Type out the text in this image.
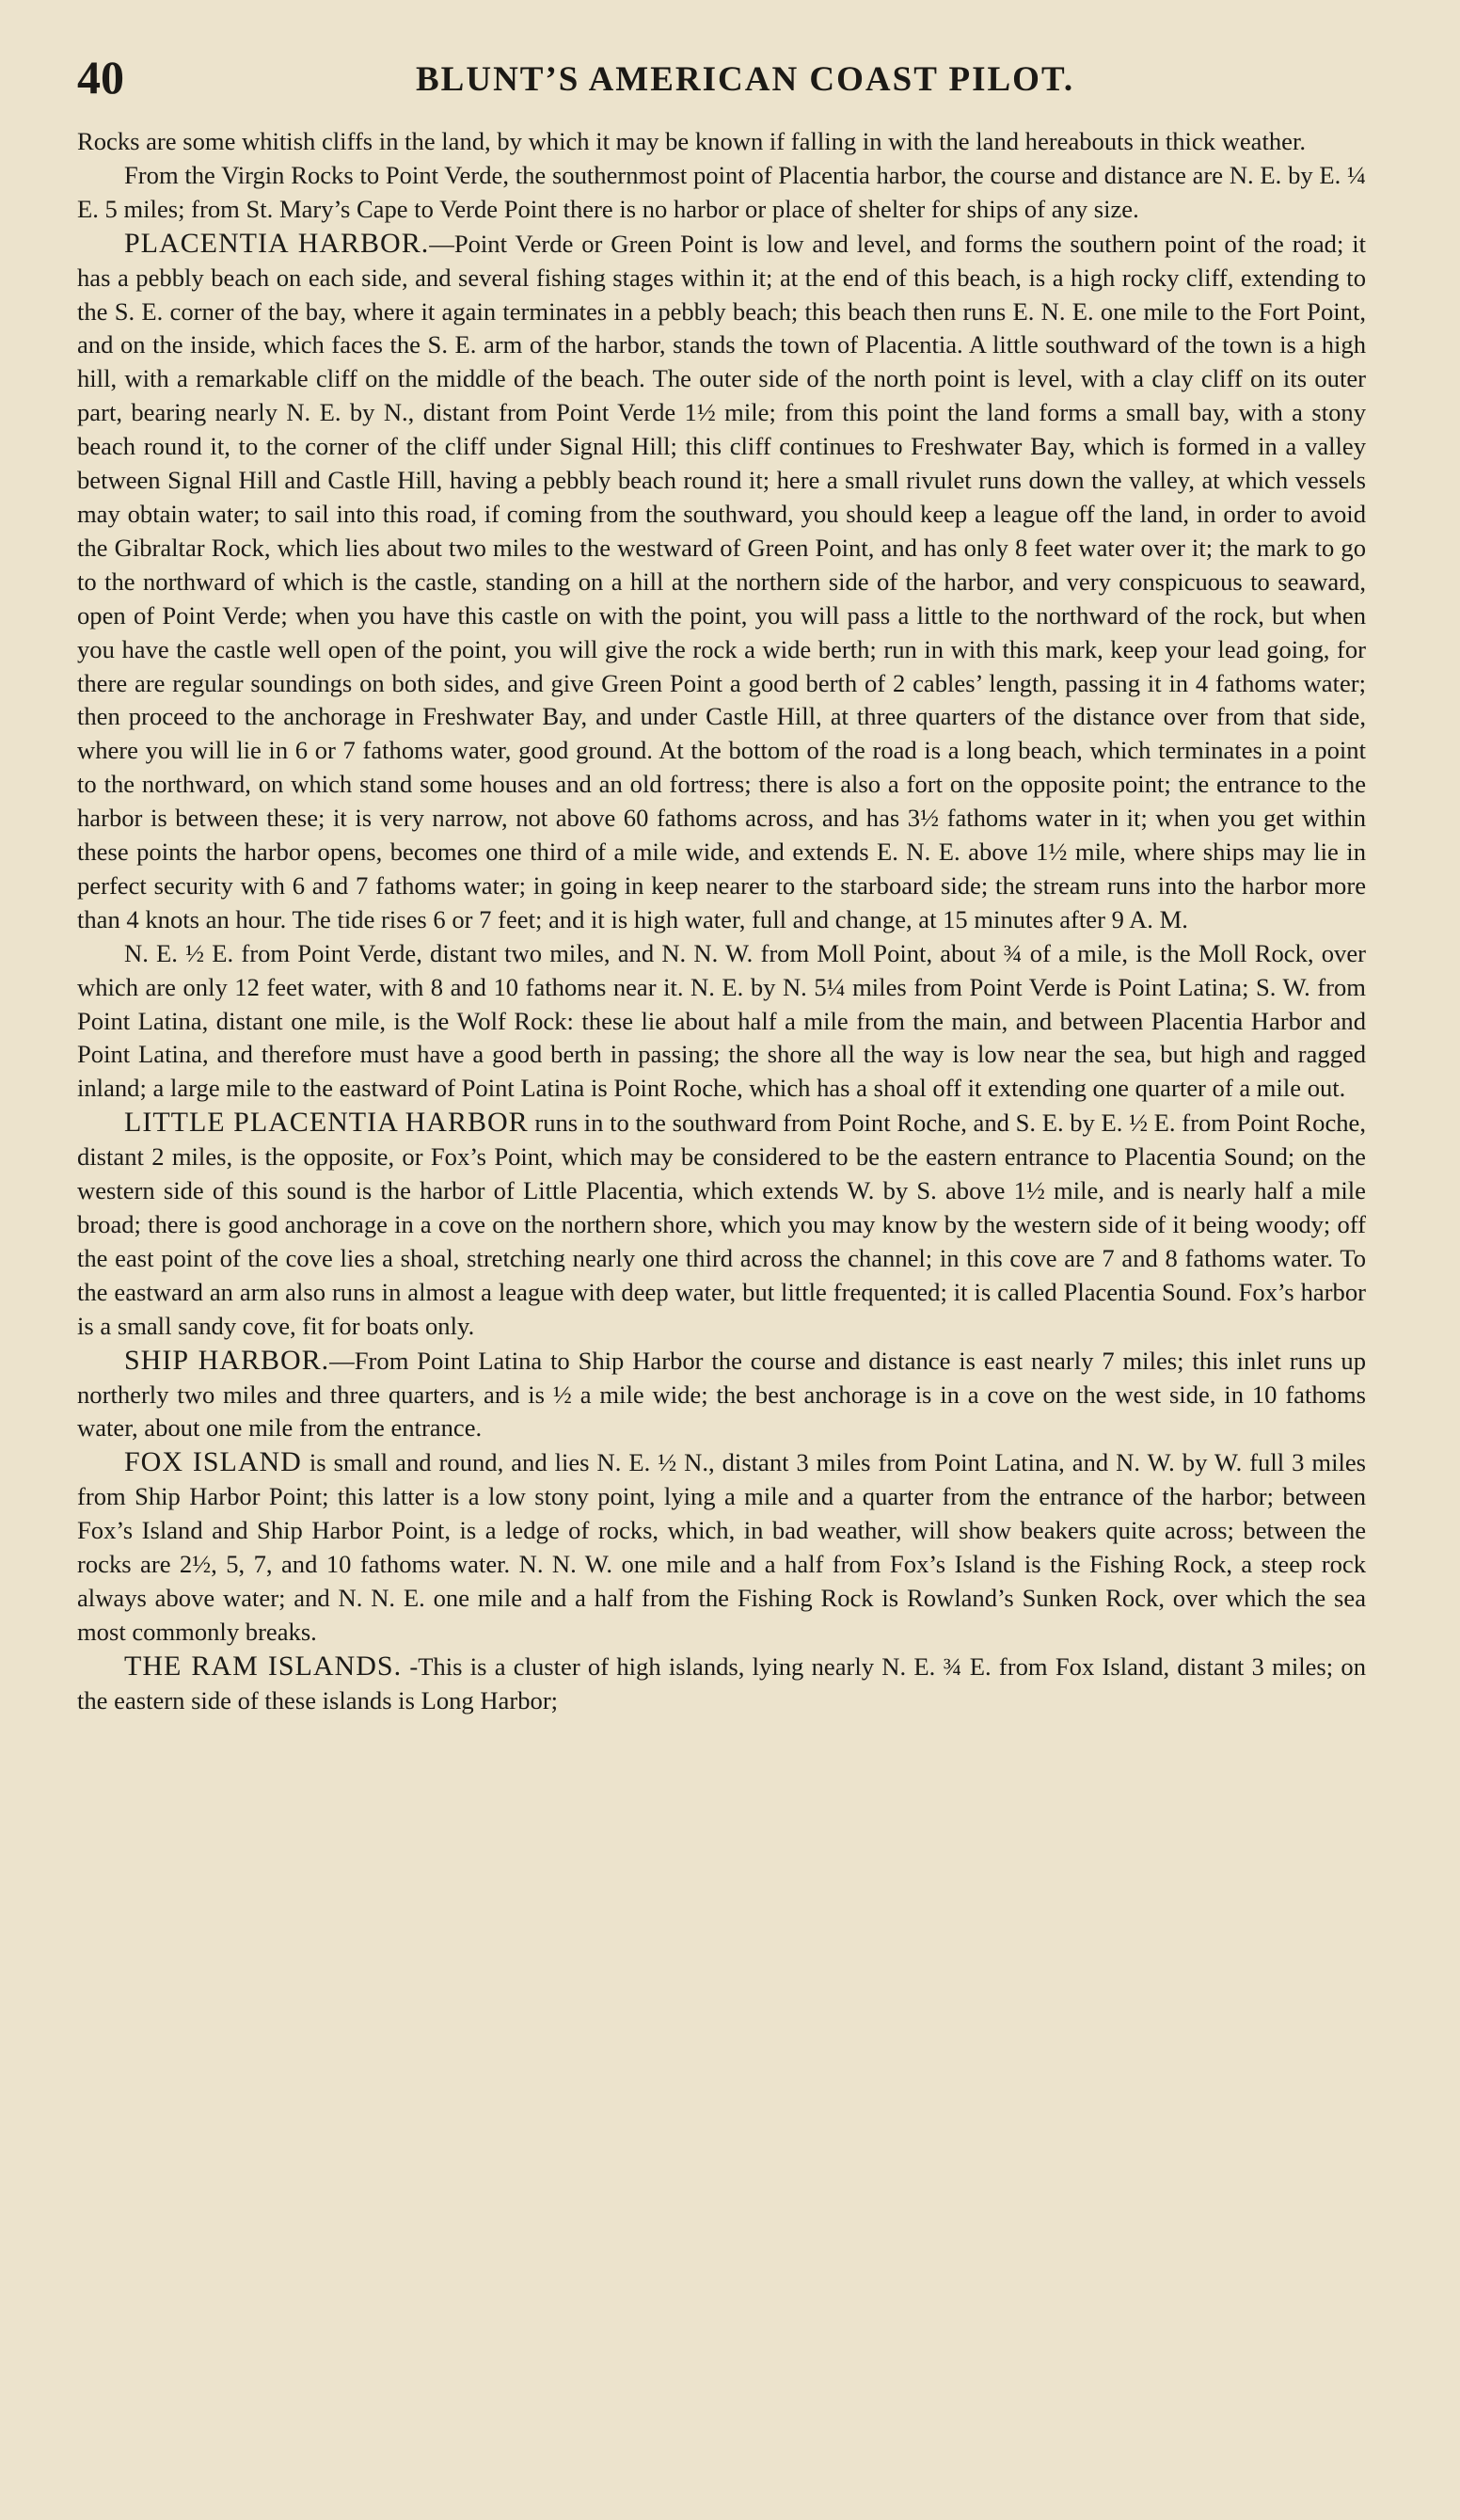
40	BLUNT’S AMERICAN COAST PILOT.

Rocks are some whitish cliffs in the land, by which it may be known if falling in with the land hereabouts in thick weather.

From the Virgin Rocks to Point Verde, the southernmost point of Placentia harbor, the course and distance are N. E. by E. ¼ E. 5 miles; from St. Mary’s Cape to Verde Point there is no harbor or place of shelter for ships of any size.

PLACENTIA HARBOR.—Point Verde or Green Point is low and level, and forms the southern point of the road; it has a pebbly beach on each side, and several fishing stages within it; at the end of this beach, is a high rocky cliff, extending to the S. E. corner of the bay, where it again terminates in a pebbly beach; this beach then runs E. N. E. one mile to the Fort Point, and on the inside, which faces the S. E. arm of the harbor, stands the town of Placentia. A little southward of the town is a high hill, with a remarkable cliff on the middle of the beach. The outer side of the north point is level, with a clay cliff on its outer part, bearing nearly N. E. by N., distant from Point Verde 1½ mile; from this point the land forms a small bay, with a stony beach round it, to the corner of the cliff under Signal Hill; this cliff continues to Freshwater Bay, which is formed in a valley between Signal Hill and Castle Hill, having a pebbly beach round it; here a small rivulet runs down the valley, at which vessels may obtain water; to sail into this road, if coming from the southward, you should keep a league off the land, in order to avoid the Gibraltar Rock, which lies about two miles to the westward of Green Point, and has only 8 feet water over it; the mark to go to the northward of which is the castle, standing on a hill at the northern side of the harbor, and very conspicuous to seaward, open of Point Verde; when you have this castle on with the point, you will pass a little to the northward of the rock, but when you have the castle well open of the point, you will give the rock a wide berth; run in with this mark, keep your lead going, for there are regular soundings on both sides, and give Green Point a good berth of 2 cables’ length, passing it in 4 fathoms water; then proceed to the anchorage in Freshwater Bay, and under Castle Hill, at three quarters of the distance over from that side, where you will lie in 6 or 7 fathoms water, good ground. At the bottom of the road is a long beach, which terminates in a point to the northward, on which stand some houses and an old fortress; there is also a fort on the opposite point; the entrance to the harbor is between these; it is very narrow, not above 60 fathoms across, and has 3½ fathoms water in it; when you get within these points the harbor opens, becomes one third of a mile wide, and extends E. N. E. above 1½ mile, where ships may lie in perfect security with 6 and 7 fathoms water; in going in keep nearer to the starboard side; the stream runs into the harbor more than 4 knots an hour. The tide rises 6 or 7 feet; and it is high water, full and change, at 15 minutes after 9 A. M.

N. E. ½ E. from Point Verde, distant two miles, and N. N. W. from Moll Point, about ¾ of a mile, is the Moll Rock, over which are only 12 feet water, with 8 and 10 fathoms near it. N. E. by N. 5¼ miles from Point Verde is Point Latina; S. W. from Point Latina, distant one mile, is the Wolf Rock: these lie about half a mile from the main, and between Placentia Harbor and Point Latina, and therefore must have a good berth in passing; the shore all the way is low near the sea, but high and ragged inland; a large mile to the eastward of Point Latina is Point Roche, which has a shoal off it extending one quarter of a mile out.

LITTLE PLACENTIA HARBOR runs in to the southward from Point Roche, and S. E. by E. ½ E. from Point Roche, distant 2 miles, is the opposite, or Fox’s Point, which may be considered to be the eastern entrance to Placentia Sound; on the western side of this sound is the harbor of Little Placentia, which extends W. by S. above 1½ mile, and is nearly half a mile broad; there is good anchorage in a cove on the northern shore, which you may know by the western side of it being woody; off the east point of the cove lies a shoal, stretching nearly one third across the channel; in this cove are 7 and 8 fathoms water. To the eastward an arm also runs in almost a league with deep water, but little frequented; it is called Placentia Sound. Fox’s harbor is a small sandy cove, fit for boats only.

SHIP HARBOR.—From Point Latina to Ship Harbor the course and distance is east nearly 7 miles; this inlet runs up northerly two miles and three quarters, and is ½ a mile wide; the best anchorage is in a cove on the west side, in 10 fathoms water, about one mile from the entrance.

FOX ISLAND is small and round, and lies N. E. ½ N., distant 3 miles from Point Latina, and N. W. by W. full 3 miles from Ship Harbor Point; this latter is a low stony point, lying a mile and a quarter from the entrance of the harbor; between Fox’s Island and Ship Harbor Point, is a ledge of rocks, which, in bad weather, will show beakers quite across; between the rocks are 2½, 5, 7, and 10 fathoms water. N. N. W. one mile and a half from Fox’s Island is the Fishing Rock, a steep rock always above water; and N. N. E. one mile and a half from the Fishing Rock is Rowland’s Sunken Rock, over which the sea most commonly breaks.

THE RAM ISLANDS. -This is a cluster of high islands, lying nearly N. E. ¾ E. from Fox Island, distant 3 miles; on the eastern side of these islands is Long Harbor;
